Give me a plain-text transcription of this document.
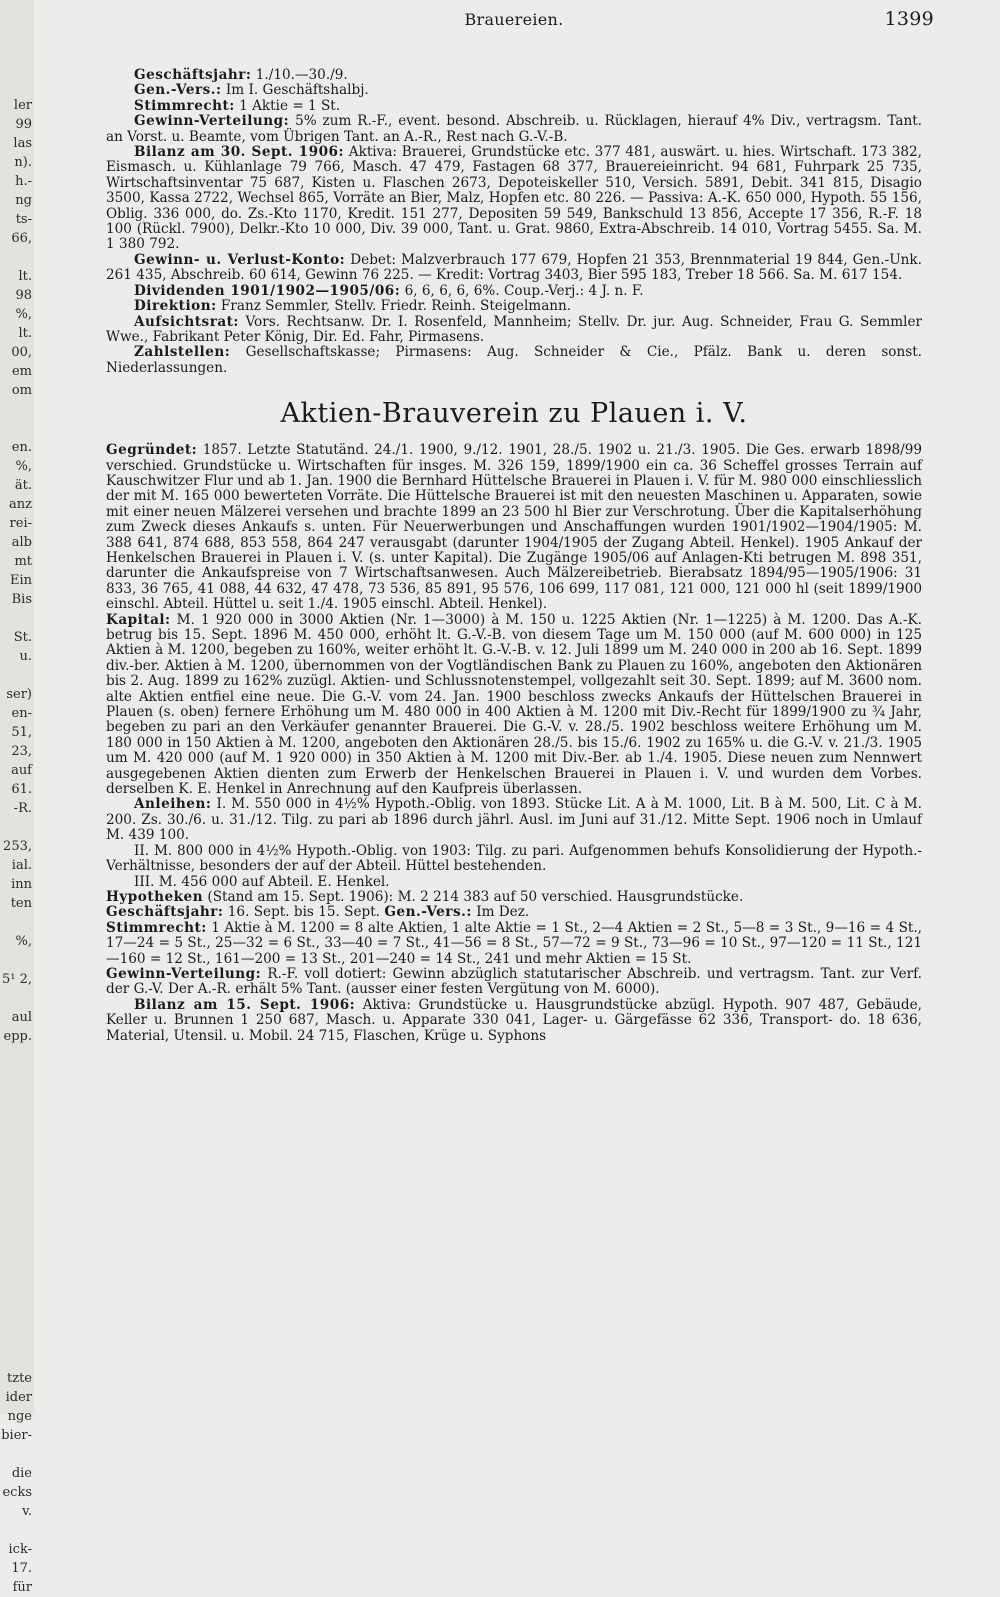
ler
99
las
n).
h.-
ng
ts-
66,

lt.
98
%,
lt.
00,
em
om

en.
%,
ät.
anz
rei-
alb
mt
Ein
Bis

St.
u.

ser)
en-
51,
23,
auf
61.
-R.

253,
ial.
inn
ten

%,

5¹ 2,

aul
epp.

tzte
ider
nge
bier-

die
ecks
v.

ick-
17.
für
Brauereien.	1399

Geschäftsjahr: 1./10.—30./9.

Gen.-Vers.: Im I. Geschäftshalbj.

Stimmrecht: 1 Aktie = 1 St.

Gewinn-Verteilung: 5% zum R.-F., event. besond. Abschreib. u. Rücklagen, hierauf 4% Div., vertragsm. Tant. an Vorst. u. Beamte, vom Übrigen Tant. an A.-R., Rest nach G.-V.-B.

Bilanz am 30. Sept. 1906: Aktiva: Brauerei, Grundstücke etc. 377 481, auswärt. u. hies. Wirtschaft. 173 382, Eismasch. u. Kühlanlage 79 766, Masch. 47 479, Fastagen 68 377, Brauereieinricht. 94 681, Fuhrpark 25 735, Wirtschaftsinventar 75 687, Kisten u. Flaschen 2673, Depoteiskeller 510, Versich. 5891, Debit. 341 815, Disagio 3500, Kassa 2722, Wechsel 865, Vorräte an Bier, Malz, Hopfen etc. 80 226. — Passiva: A.-K. 650 000, Hypoth. 55 156, Oblig. 336 000, do. Zs.-Kto 1170, Kredit. 151 277, Depositen 59 549, Bankschuld 13 856, Accepte 17 356, R.-F. 18 100 (Rückl. 7900), Delkr.-Kto 10 000, Div. 39 000, Tant. u. Grat. 9860, Extra-Abschreib. 14 010, Vortrag 5455. Sa. M. 1 380 792.

Gewinn- u. Verlust-Konto: Debet: Malzverbrauch 177 679, Hopfen 21 353, Brennmaterial 19 844, Gen.-Unk. 261 435, Abschreib. 60 614, Gewinn 76 225. — Kredit: Vortrag 3403, Bier 595 183, Treber 18 566. Sa. M. 617 154.

Dividenden 1901/1902—1905/06: 6, 6, 6, 6, 6%. Coup.-Verj.: 4 J. n. F.

Direktion: Franz Semmler, Stellv. Friedr. Reinh. Steigelmann.

Aufsichtsrat: Vors. Rechtsanw. Dr. I. Rosenfeld, Mannheim; Stellv. Dr. jur. Aug. Schneider, Frau G. Semmler Wwe., Fabrikant Peter König, Dir. Ed. Fahr, Pirmasens.

Zahlstellen: Gesellschaftskasse; Pirmasens: Aug. Schneider & Cie., Pfälz. Bank u. deren sonst. Niederlassungen.

Aktien-Brauverein zu Plauen i. V.

Gegründet: 1857. Letzte Statutänd. 24./1. 1900, 9./12. 1901, 28./5. 1902 u. 21./3. 1905. Die Ges. erwarb 1898/99 verschied. Grundstücke u. Wirtschaften für insges. M. 326 159, 1899/1900 ein ca. 36 Scheffel grosses Terrain auf Kauschwitzer Flur und ab 1. Jan. 1900 die Bernhard Hüttelsche Brauerei in Plauen i. V. für M. 980 000 einschliesslich der mit M. 165 000 bewerteten Vorräte. Die Hüttelsche Brauerei ist mit den neuesten Maschinen u. Apparaten, sowie mit einer neuen Mälzerei versehen und brachte 1899 an 23 500 hl Bier zur Verschrotung. Über die Kapitalserhöhung zum Zweck dieses Ankaufs s. unten. Für Neuerwerbungen und Anschaffungen wurden 1901/1902—1904/1905: M. 388 641, 874 688, 853 558, 864 247 verausgabt (darunter 1904/1905 der Zugang Abteil. Henkel). 1905 Ankauf der Henkelschen Brauerei in Plauen i. V. (s. unter Kapital). Die Zugänge 1905/06 auf Anlagen-Kti betrugen M. 898 351, darunter die Ankaufspreise von 7 Wirtschaftsanwesen. Auch Mälzereibetrieb. Bierabsatz 1894/95—1905/1906: 31 833, 36 765, 41 088, 44 632, 47 478, 73 536, 85 891, 95 576, 106 699, 117 081, 121 000, 121 000 hl (seit 1899/1900 einschl. Abteil. Hüttel u. seit 1./4. 1905 einschl. Abteil. Henkel).

Kapital: M. 1 920 000 in 3000 Aktien (Nr. 1—3000) à M. 150 u. 1225 Aktien (Nr. 1—1225) à M. 1200. Das A.-K. betrug bis 15. Sept. 1896 M. 450 000, erhöht lt. G.-V.-B. von diesem Tage um M. 150 000 (auf M. 600 000) in 125 Aktien à M. 1200, begeben zu 160%, weiter erhöht lt. G.-V.-B. v. 12. Juli 1899 um M. 240 000 in 200 ab 16. Sept. 1899 div.-ber. Aktien à M. 1200, übernommen von der Vogtländischen Bank zu Plauen zu 160%, angeboten den Aktionären bis 2. Aug. 1899 zu 162% zuzügl. Aktien- und Schlussnotenstempel, vollgezahlt seit 30. Sept. 1899; auf M. 3600 nom. alte Aktien entfiel eine neue. Die G.-V. vom 24. Jan. 1900 beschloss zwecks Ankaufs der Hüttelschen Brauerei in Plauen (s. oben) fernere Erhöhung um M. 480 000 in 400 Aktien à M. 1200 mit Div.-Recht für 1899/1900 zu ¾ Jahr, begeben zu pari an den Verkäufer genannter Brauerei. Die G.-V. v. 28./5. 1902 beschloss weitere Erhöhung um M. 180 000 in 150 Aktien à M. 1200, angeboten den Aktionären 28./5. bis 15./6. 1902 zu 165% u. die G.-V. v. 21./3. 1905 um M. 420 000 (auf M. 1 920 000) in 350 Aktien à M. 1200 mit Div.-Ber. ab 1./4. 1905. Diese neuen zum Nennwert ausgegebenen Aktien dienten zum Erwerb der Henkelschen Brauerei in Plauen i. V. und wurden dem Vorbes. derselben K. E. Henkel in Anrechnung auf den Kaufpreis überlassen.

Anleihen: I. M. 550 000 in 4½% Hypoth.-Oblig. von 1893. Stücke Lit. A à M. 1000, Lit. B à M. 500, Lit. C à M. 200. Zs. 30./6. u. 31./12. Tilg. zu pari ab 1896 durch jährl. Ausl. im Juni auf 31./12. Mitte Sept. 1906 noch in Umlauf M. 439 100.

II. M. 800 000 in 4½% Hypoth.-Oblig. von 1903: Tilg. zu pari. Aufgenommen behufs Konsolidierung der Hypoth.-Verhältnisse, besonders der auf der Abteil. Hüttel bestehenden.

III. M. 456 000 auf Abteil. E. Henkel.

Hypotheken (Stand am 15. Sept. 1906): M. 2 214 383 auf 50 verschied. Hausgrundstücke.

Geschäftsjahr: 16. Sept. bis 15. Sept. Gen.-Vers.: Im Dez.

Stimmrecht: 1 Aktie à M. 1200 = 8 alte Aktien, 1 alte Aktie = 1 St., 2—4 Aktien = 2 St., 5—8 = 3 St., 9—16 = 4 St., 17—24 = 5 St., 25—32 = 6 St., 33—40 = 7 St., 41—56 = 8 St., 57—72 = 9 St., 73—96 = 10 St., 97—120 = 11 St., 121—160 = 12 St., 161—200 = 13 St., 201—240 = 14 St., 241 und mehr Aktien = 15 St.

Gewinn-Verteilung: R.-F. voll dotiert: Gewinn abzüglich statutarischer Abschreib. und vertragsm. Tant. zur Verf. der G.-V. Der A.-R. erhält 5% Tant. (ausser einer festen Vergütung von M. 6000).

Bilanz am 15. Sept. 1906: Aktiva: Grundstücke u. Hausgrundstücke abzügl. Hypoth. 907 487, Gebäude, Keller u. Brunnen 1 250 687, Masch. u. Apparate 330 041, Lager- u. Gärgefässe 62 336, Transport- do. 18 636, Material, Utensil. u. Mobil. 24 715, Flaschen, Krüge u. Syphons
